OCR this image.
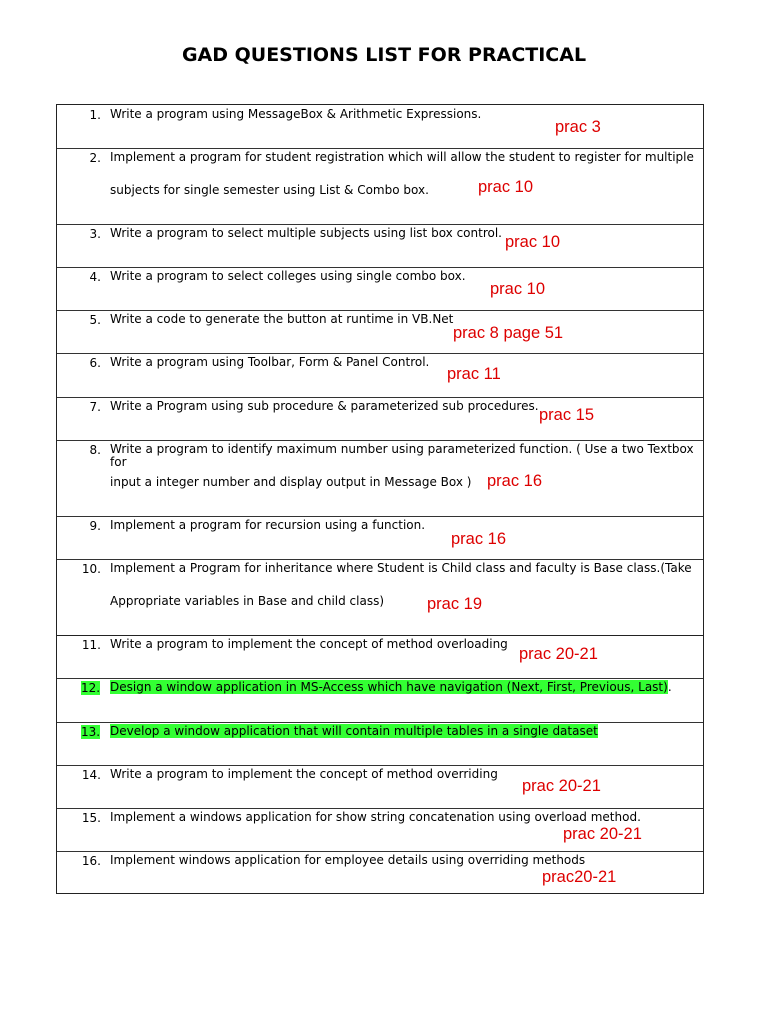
GAD QUESTIONS LIST FOR PRACTICAL
1. Write a program using MessageBox & Arithmetic Expressions.
prac 3
2. Implement a program for student registration which will allow the student to register for multiple
subjects for single semester using List & Combo box.	prac 10
3. Write a program to select multiple subjects using list box control. prac 10
4. Write a program to select colleges using single combo box.
prac 10
5. Write a code to generate the button at runtime in VB.Net
prac 8 page 51
6. Write a program using Toolbar, Form & Panel Control.
prac 11
7. Write a Program using sub procedure & parameterized sub procedures. prac 15
8. Write a program to identify maximum number using parameterized function. ( Use a two Textbox for
input a integer number and display output in Message Box ) prac 16
9. Implement a program for recursion using a function.
prac 16
10. Implement a Program for inheritance where Student is Child class and faculty is Base class.(Take
Appropriate variables in Base and child class)	prac 19
11. Write a program to implement the concept of method overloading
prac 20-21
12. Design a window application in MS-Access which have navigation (Next, First, Previous, Last).
13. Develop a window application that will contain multiple tables in a single dataset
14. Write a program to implement the concept of method overriding
prac 20-21
15. Implement a windows application for show string concatenation using overload method.
prac 20-21
16. Implement windows application for employee details using overriding methods
prac20-21
